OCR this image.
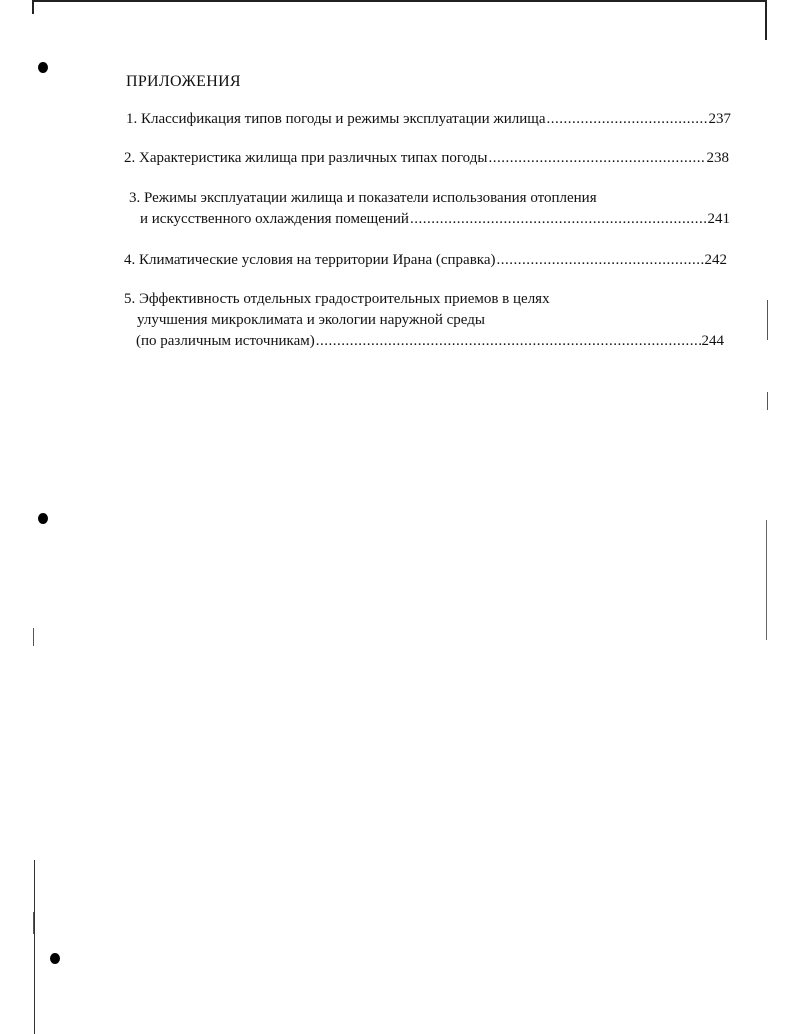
ПРИЛОЖЕНИЯ
1.
Классификация типов погоды и режимы эксплуатации жилища .....	237
2.
Характеристика жилища при различных типах погоды .....	238
3. Режимы эксплуатации жилища и показатели использования отопления
и искусственного охлаждения помещений .....	241
4.
Климатические условия на территории Ирана (справка) .....	242
5. Эффективность отдельных градостроительных приемов в целях
улучшения микроклимата и экологии наружной среды
(по различным источникам) .....	244
